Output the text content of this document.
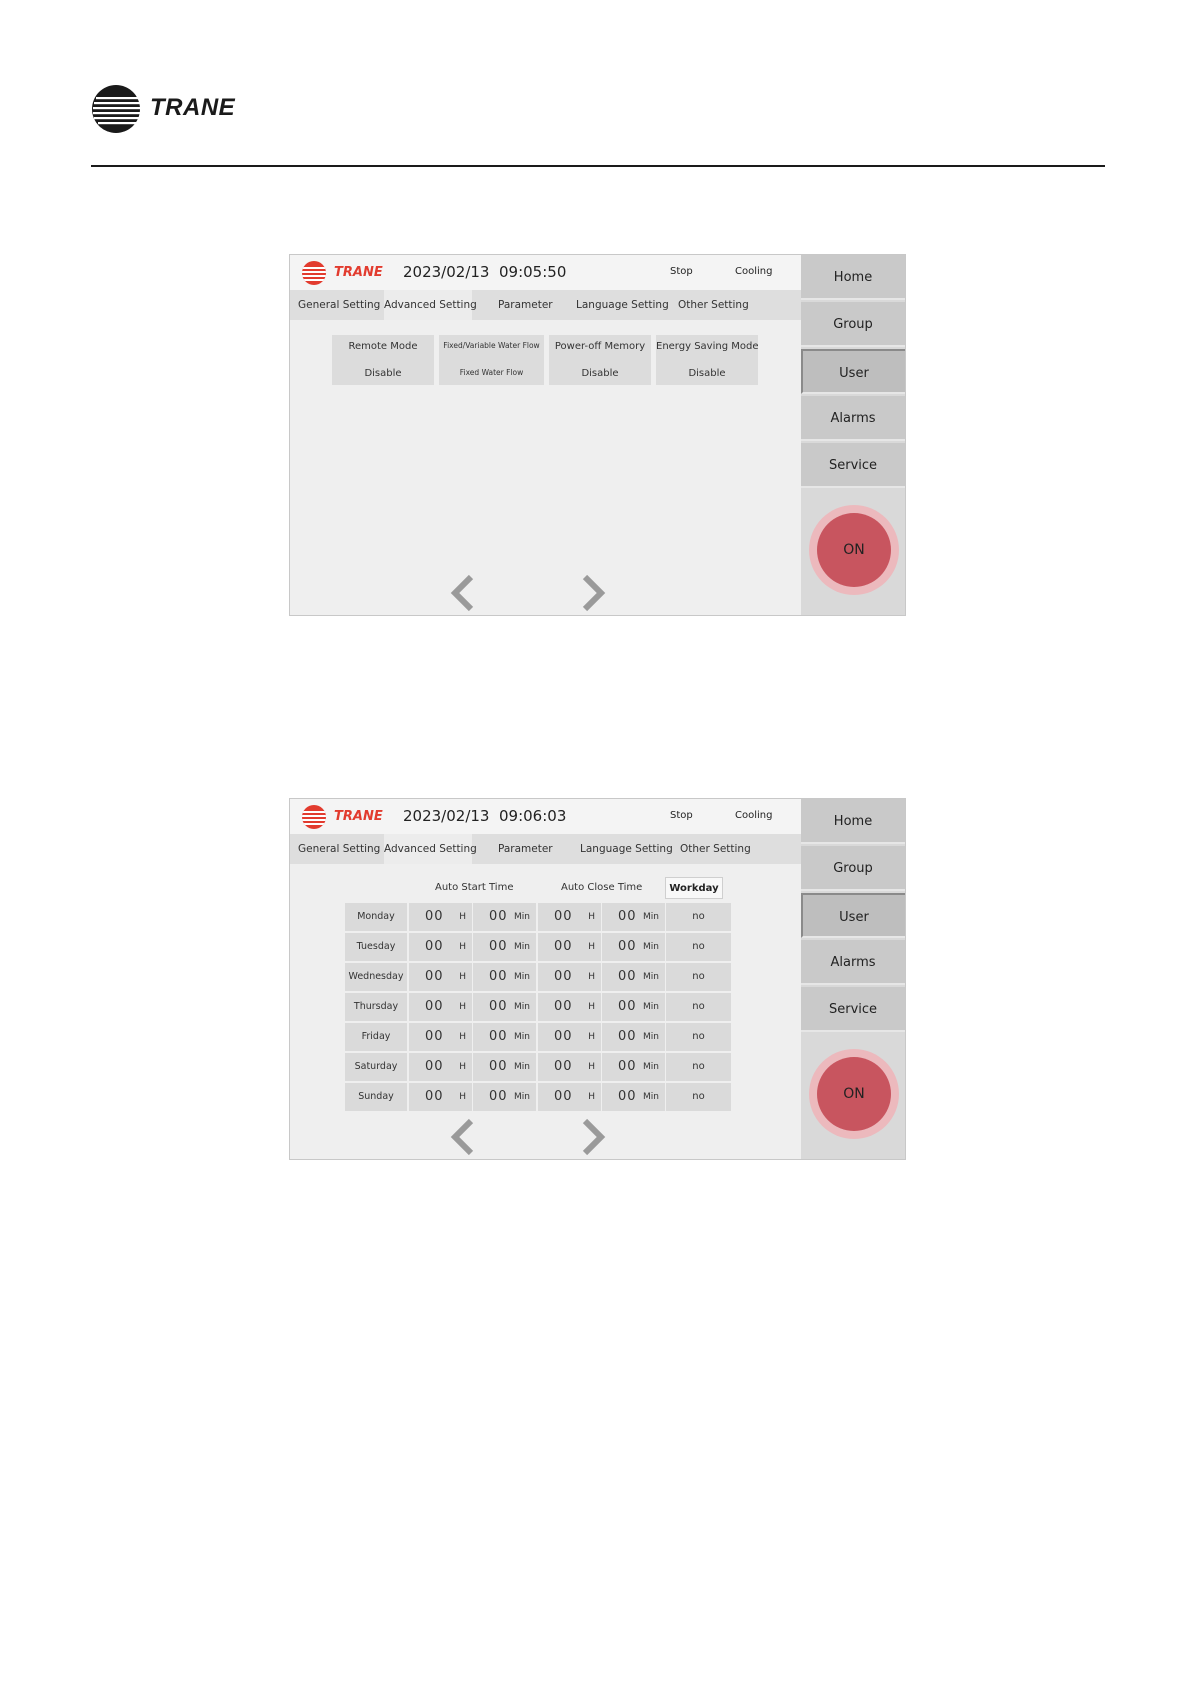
TRANE
TRANE 2023/02/13 09:05:50	Stop	Cooling
General Setting Advanced Setting Parameter Language Setting Other Setting
Remote Mode
Disable
Fixed/Variable Water Flow
Fixed Water Flow
Power-off Memory
Disable
Energy Saving Mode
Disable
Home
Group
User
Alarms
Service
ON
TRANE 2023/02/13 09:06:03	Stop	Cooling
General Setting Advanced Setting Parameter	Language Setting Other Setting
Auto Start Time	Auto Close Time	Workday
Monday	00 H 00 Min 00 H 00 Min	no
Tuesday	00 H 00 Min 00 H 00 Min	no
Wednesday 00 H 00 Min 00 H 00 Min	no
Thursday	00 H 00 Min 00 H 00 Min	no
Friday	00 H 00 Min 00 H 00 Min	no
Saturday	00 H 00 Min 00 H 00 Min	no
Sunday	00 H 00 Min 00 H 00 Min	no
Home
Group
User
Alarms
Service
ON
